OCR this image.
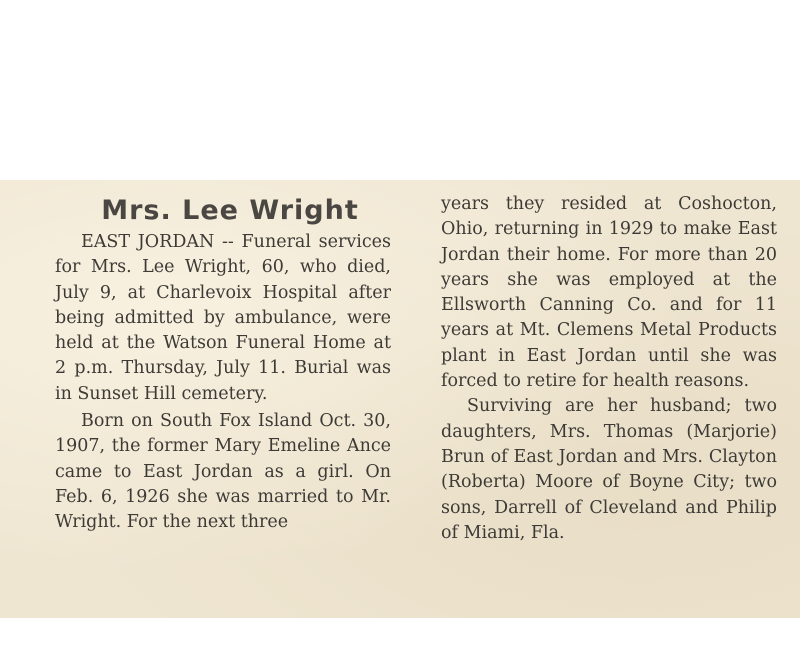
Mrs. Lee Wright

EAST JORDAN -- Funeral services for Mrs. Lee Wright, 60, who died, July 9, at Charlevoix Hospital after being admitted by ambulance, were held at the Watson Funeral Home at 2 p.m. Thursday, July 11. Burial was in Sunset Hill cemetery.

Born on South Fox Island Oct. 30, 1907, the former Mary Emeline Ance came to East Jordan as a girl. On Feb. 6, 1926 she was married to Mr. Wright. For the next three

years they resided at Coshocton, Ohio, returning in 1929 to make East Jordan their home. For more than 20 years she was employed at the Ellsworth Canning Co. and for 11 years at Mt. Clemens Metal Products plant in East Jordan until she was forced to retire for health reasons.

Surviving are her husband; two daughters, Mrs. Thomas (Marjorie) Brun of East Jordan and Mrs. Clayton (Roberta) Moore of Boyne City; two sons, Darrell of Cleveland and Philip of Miami, Fla.
